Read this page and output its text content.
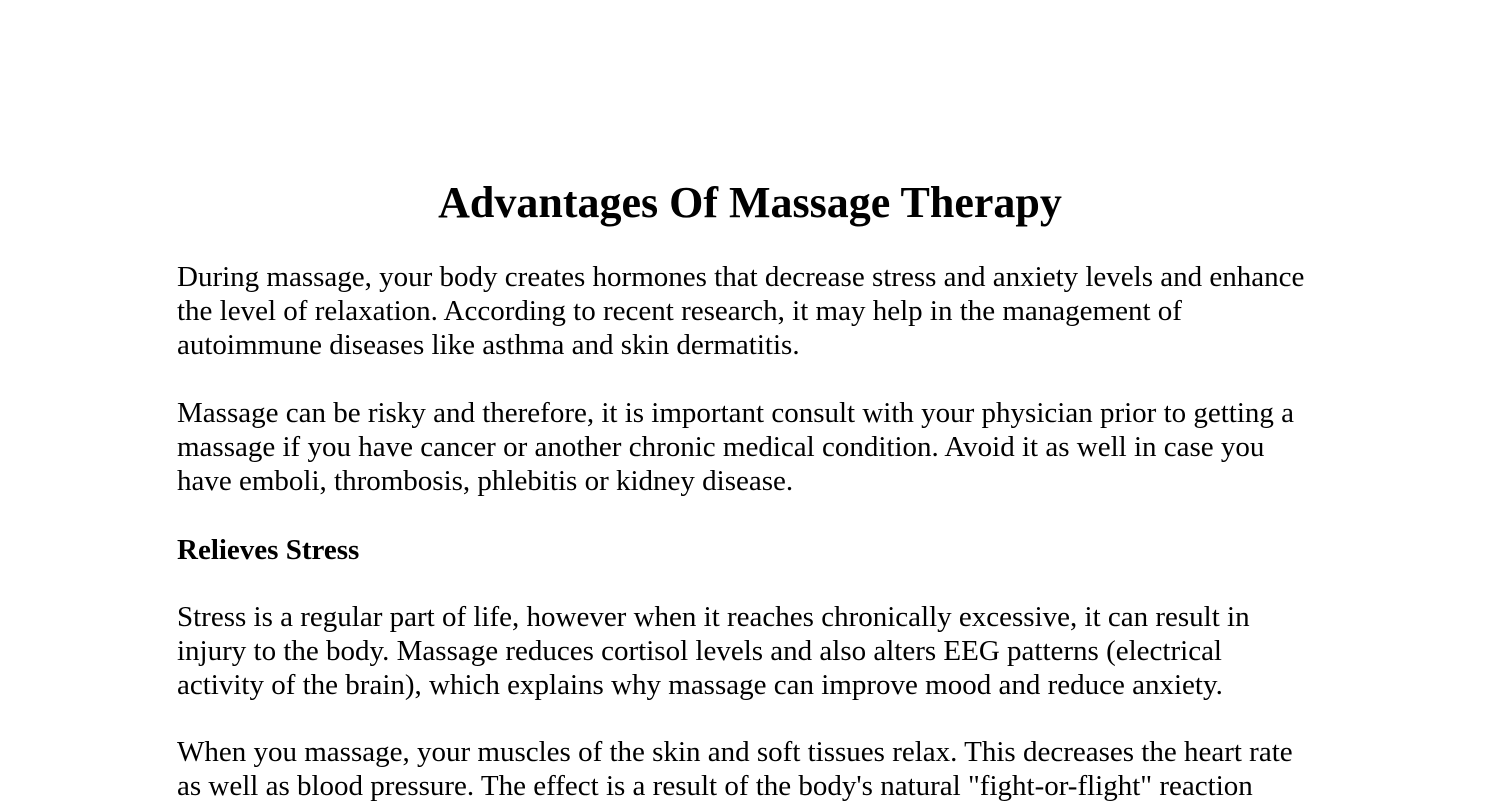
Advantages Of Massage Therapy

During massage, your body creates hormones that decrease stress and anxiety levels and enhance
the level of relaxation. According to recent research, it may help in the management of
autoimmune diseases like asthma and skin dermatitis.

Massage can be risky and therefore, it is important consult with your physician prior to getting a
massage if you have cancer or another chronic medical condition. Avoid it as well in case you
have emboli, thrombosis, phlebitis or kidney disease.

Relieves Stress

Stress is a regular part of life, however when it reaches chronically excessive, it can result in
injury to the body. Massage reduces cortisol levels and also alters EEG patterns (electrical
activity of the brain), which explains why massage can improve mood and reduce anxiety.

When you massage, your muscles of the skin and soft tissues relax. This decreases the heart rate
as well as blood pressure. The effect is a result of the body's natural "fight-or-flight" reaction
